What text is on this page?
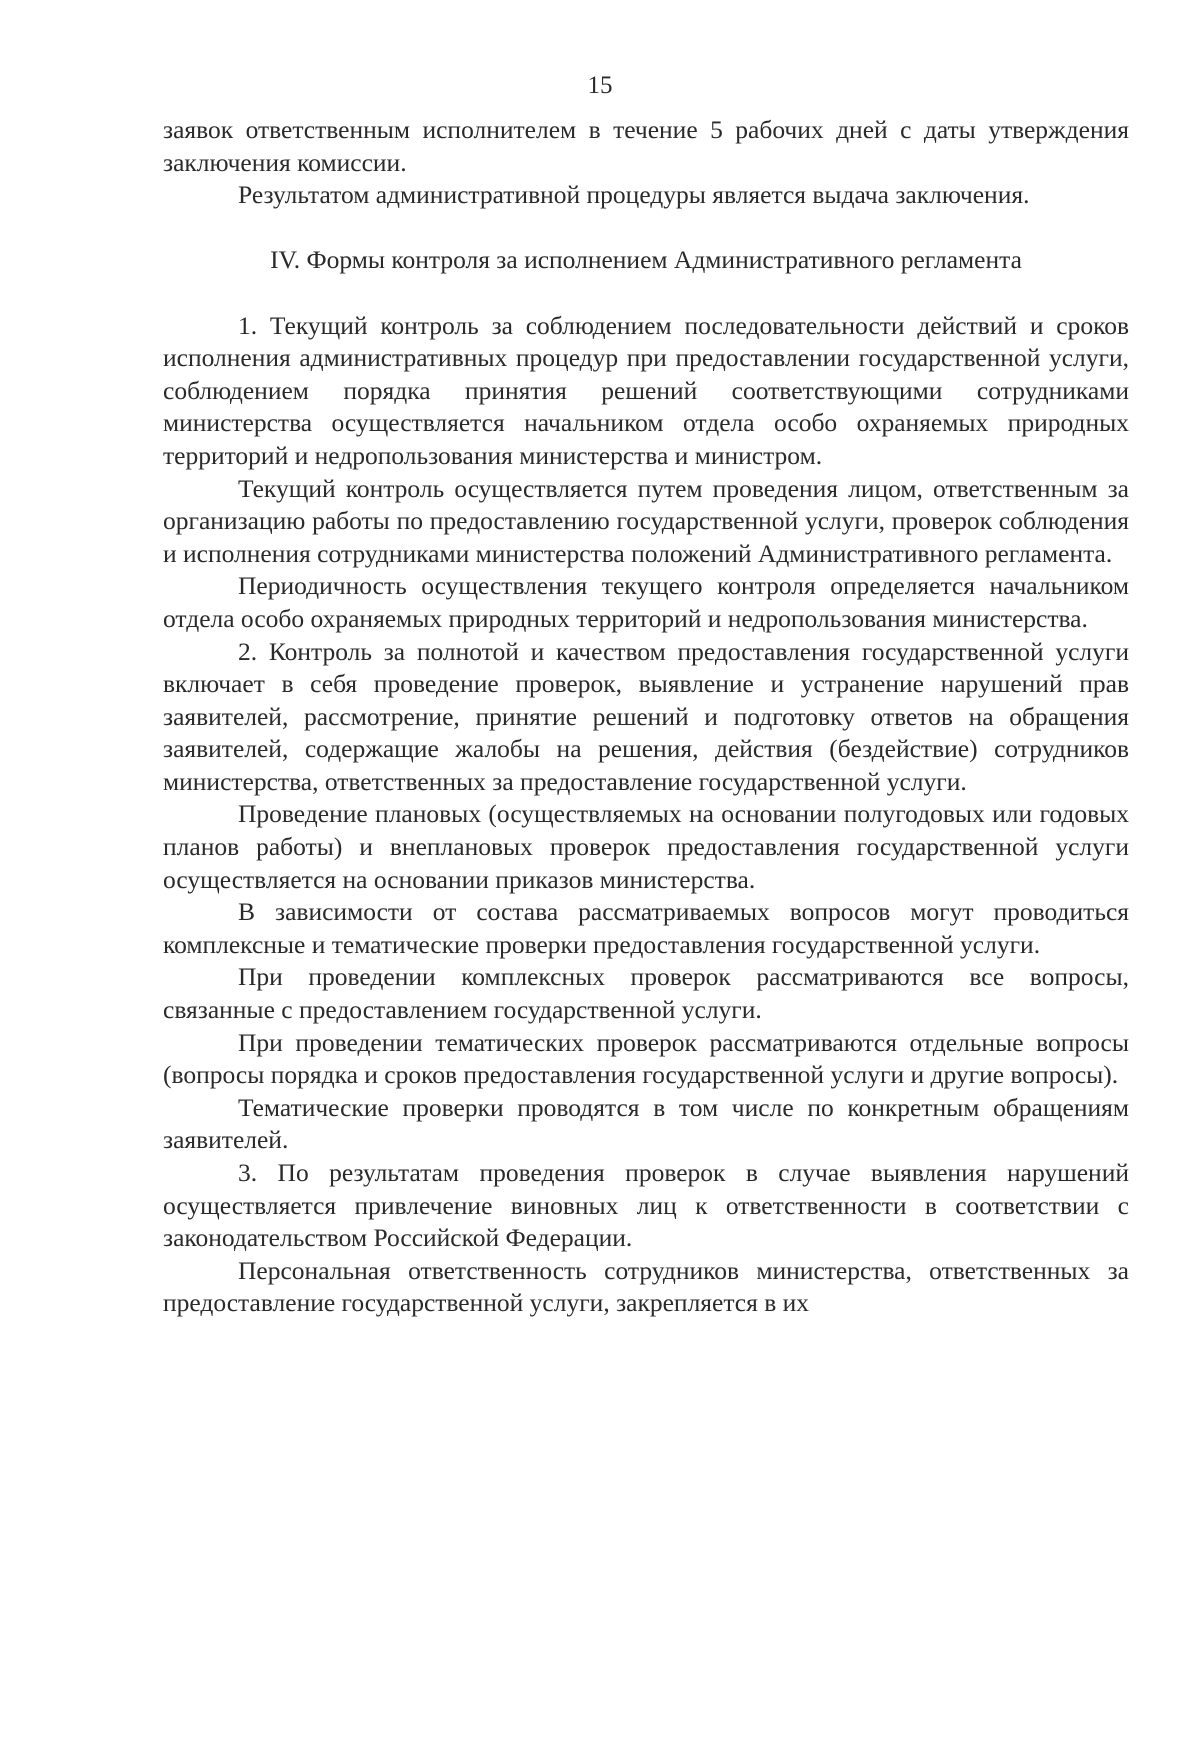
15

заявок ответственным исполнителем в течение 5 рабочих дней с даты утверждения заключения комиссии.

Результатом административной процедуры является выдача заключения.

IV. Формы контроля за исполнением Административного регламента

1. Текущий контроль за соблюдением последовательности действий и сроков исполнения административных процедур при предоставлении государственной услуги, соблюдением порядка принятия решений соответствующими сотрудниками министерства осуществляется начальником отдела особо охраняемых природных территорий и недропользования министерства и министром.

Текущий контроль осуществляется путем проведения лицом, ответственным за организацию работы по предоставлению государственной услуги, проверок соблюдения и исполнения сотрудниками министерства положений Административного регламента.

Периодичность осуществления текущего контроля определяется начальником отдела особо охраняемых природных территорий и недропользования министерства.

2. Контроль за полнотой и качеством предоставления государственной услуги включает в себя проведение проверок, выявление и устранение нарушений прав заявителей, рассмотрение, принятие решений и подготовку ответов на обращения заявителей, содержащие жалобы на решения, действия (бездействие) сотрудников министерства, ответственных за предоставление государственной услуги.

Проведение плановых (осуществляемых на основании полугодовых или годовых планов работы) и внеплановых проверок предоставления государственной услуги осуществляется на основании приказов министерства.

В зависимости от состава рассматриваемых вопросов могут проводиться комплексные и тематические проверки предоставления государственной услуги.

При проведении комплексных проверок рассматриваются все вопросы, связанные с предоставлением государственной услуги.

При проведении тематических проверок рассматриваются отдельные вопросы (вопросы порядка и сроков предоставления государственной услуги и другие вопросы).

Тематические проверки проводятся в том числе по конкретным обращениям заявителей.

3. По результатам проведения проверок в случае выявления нарушений осуществляется привлечение виновных лиц к ответственности в соответствии с законодательством Российской Федерации.

Персональная ответственность сотрудников министерства, ответственных за предоставление государственной услуги, закрепляется в их
